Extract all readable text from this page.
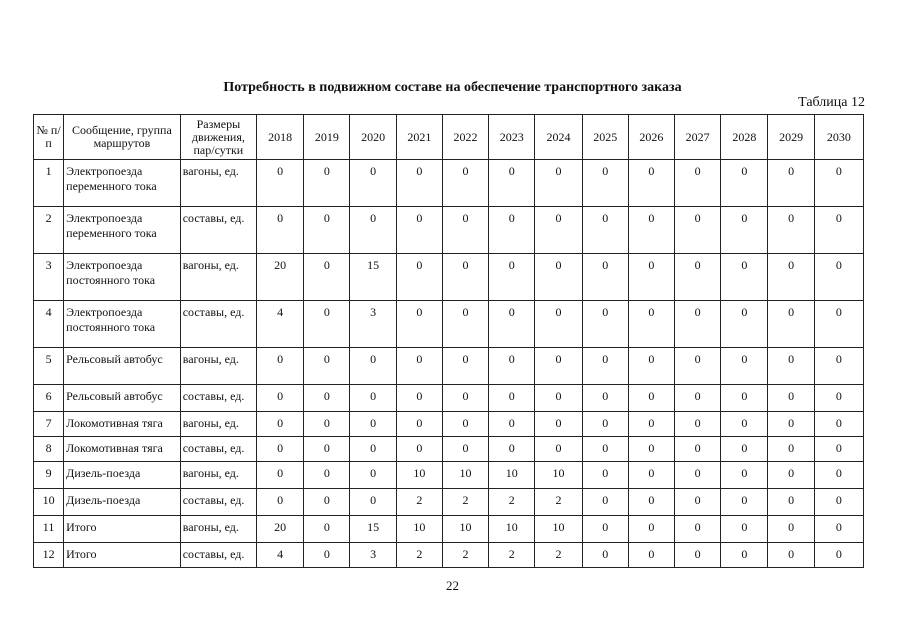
Потребность в подвижном составе на обеспечение транспортного заказа
Таблица 12
№ п/п	Сообщение, группа маршрутов	Размеры движения, пар/сутки	2018	2019	2020	2021	2022	2023	2024	2025	2026	2027	2028	2029	2030
1	Электропоезда переменного тока	вагоны, ед.	0	0	0	0	0	0	0	0	0	0	0	0	0
2	Электропоезда переменного тока	составы, ед.	0	0	0	0	0	0	0	0	0	0	0	0	0
3	Электропоезда постоянного тока	вагоны, ед.	20	0	15	0	0	0	0	0	0	0	0	0	0
4	Электропоезда постоянного тока	составы, ед.	4	0	3	0	0	0	0	0	0	0	0	0	0
5	Рельсовый автобус	вагоны, ед.	0	0	0	0	0	0	0	0	0	0	0	0	0
6	Рельсовый автобус	составы, ед.	0	0	0	0	0	0	0	0	0	0	0	0	0
7	Локомотивная тяга	вагоны, ед.	0	0	0	0	0	0	0	0	0	0	0	0	0
8	Локомотивная тяга	составы, ед.	0	0	0	0	0	0	0	0	0	0	0	0	0
9	Дизель-поезда	вагоны, ед.	0	0	0	10	10	10	10	0	0	0	0	0	0
10	Дизель-поезда	составы, ед.	0	0	0	2	2	2	2	0	0	0	0	0	0
11	Итого	вагоны, ед.	20	0	15	10	10	10	10	0	0	0	0	0	0
12	Итого	составы, ед.	4	0	3	2	2	2	2	0	0	0	0	0	0
22
